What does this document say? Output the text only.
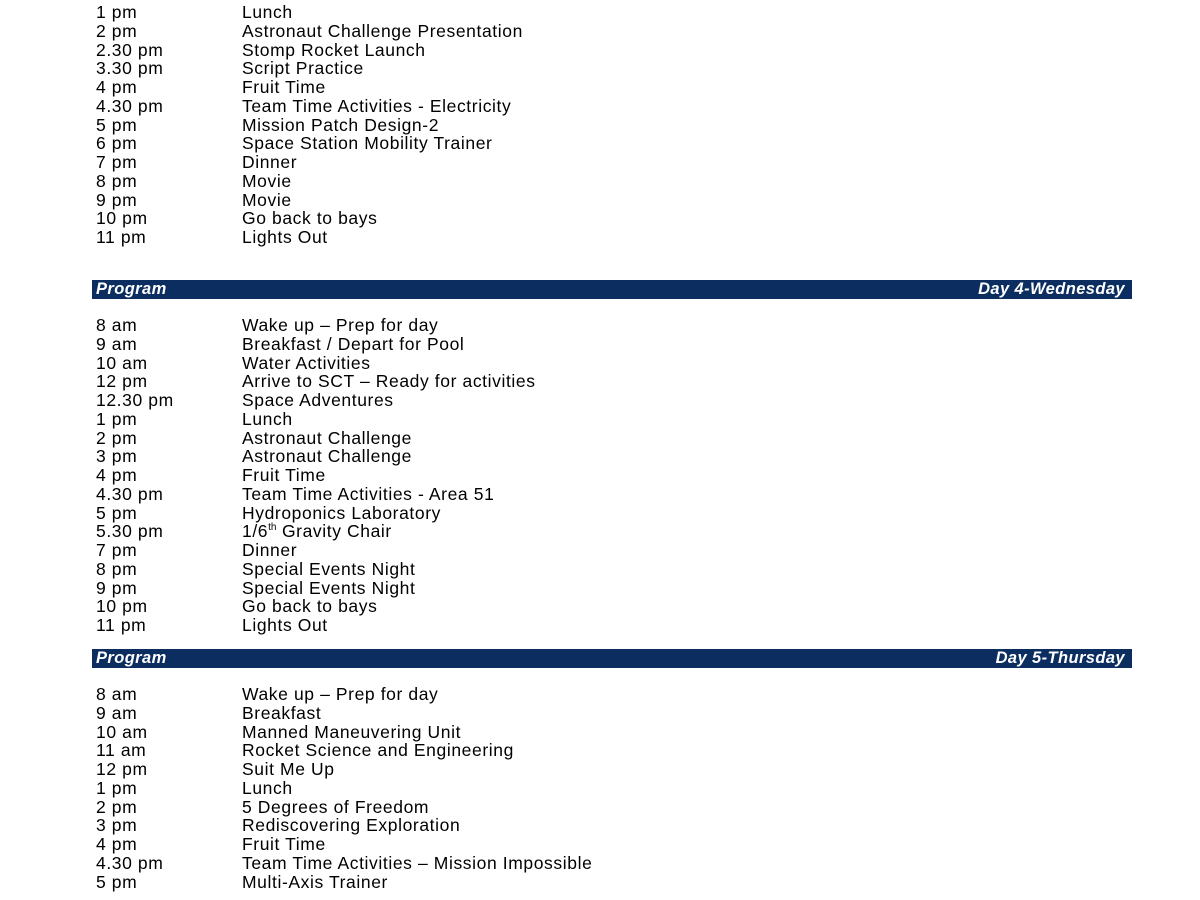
1 pm	Lunch
2 pm	Astronaut Challenge Presentation
2.30 pm	Stomp Rocket Launch
3.30 pm	Script Practice
4 pm	Fruit Time
4.30 pm	Team Time Activities - Electricity
5 pm	Mission Patch Design-2
6 pm	Space Station Mobility Trainer
7 pm	Dinner
8 pm	Movie
9 pm	Movie
10 pm	Go back to bays
11 pm	Lights Out
Program	Day 4-Wednesday
8 am	Wake up – Prep for day
9 am	Breakfast / Depart for Pool
10 am	Water Activities
12 pm	Arrive to SCT – Ready for activities
12.30 pm	Space Adventures
1 pm	Lunch
2 pm	Astronaut Challenge
3 pm	Astronaut Challenge
4 pm	Fruit Time
4.30 pm	Team Time Activities - Area 51
5 pm	Hydroponics Laboratory
5.30 pm	1/6th Gravity Chair
7 pm	Dinner
8 pm	Special Events Night
9 pm	Special Events Night
10 pm	Go back to bays
11 pm	Lights Out
Program	Day 5-Thursday
8 am	Wake up – Prep for day
9 am	Breakfast
10 am	Manned Maneuvering Unit
11 am	Rocket Science and Engineering
12 pm	Suit Me Up
1 pm	Lunch
2 pm	5 Degrees of Freedom
3 pm	Rediscovering Exploration
4 pm	Fruit Time
4.30 pm	Team Time Activities – Mission Impossible
5 pm	Multi-Axis Trainer
